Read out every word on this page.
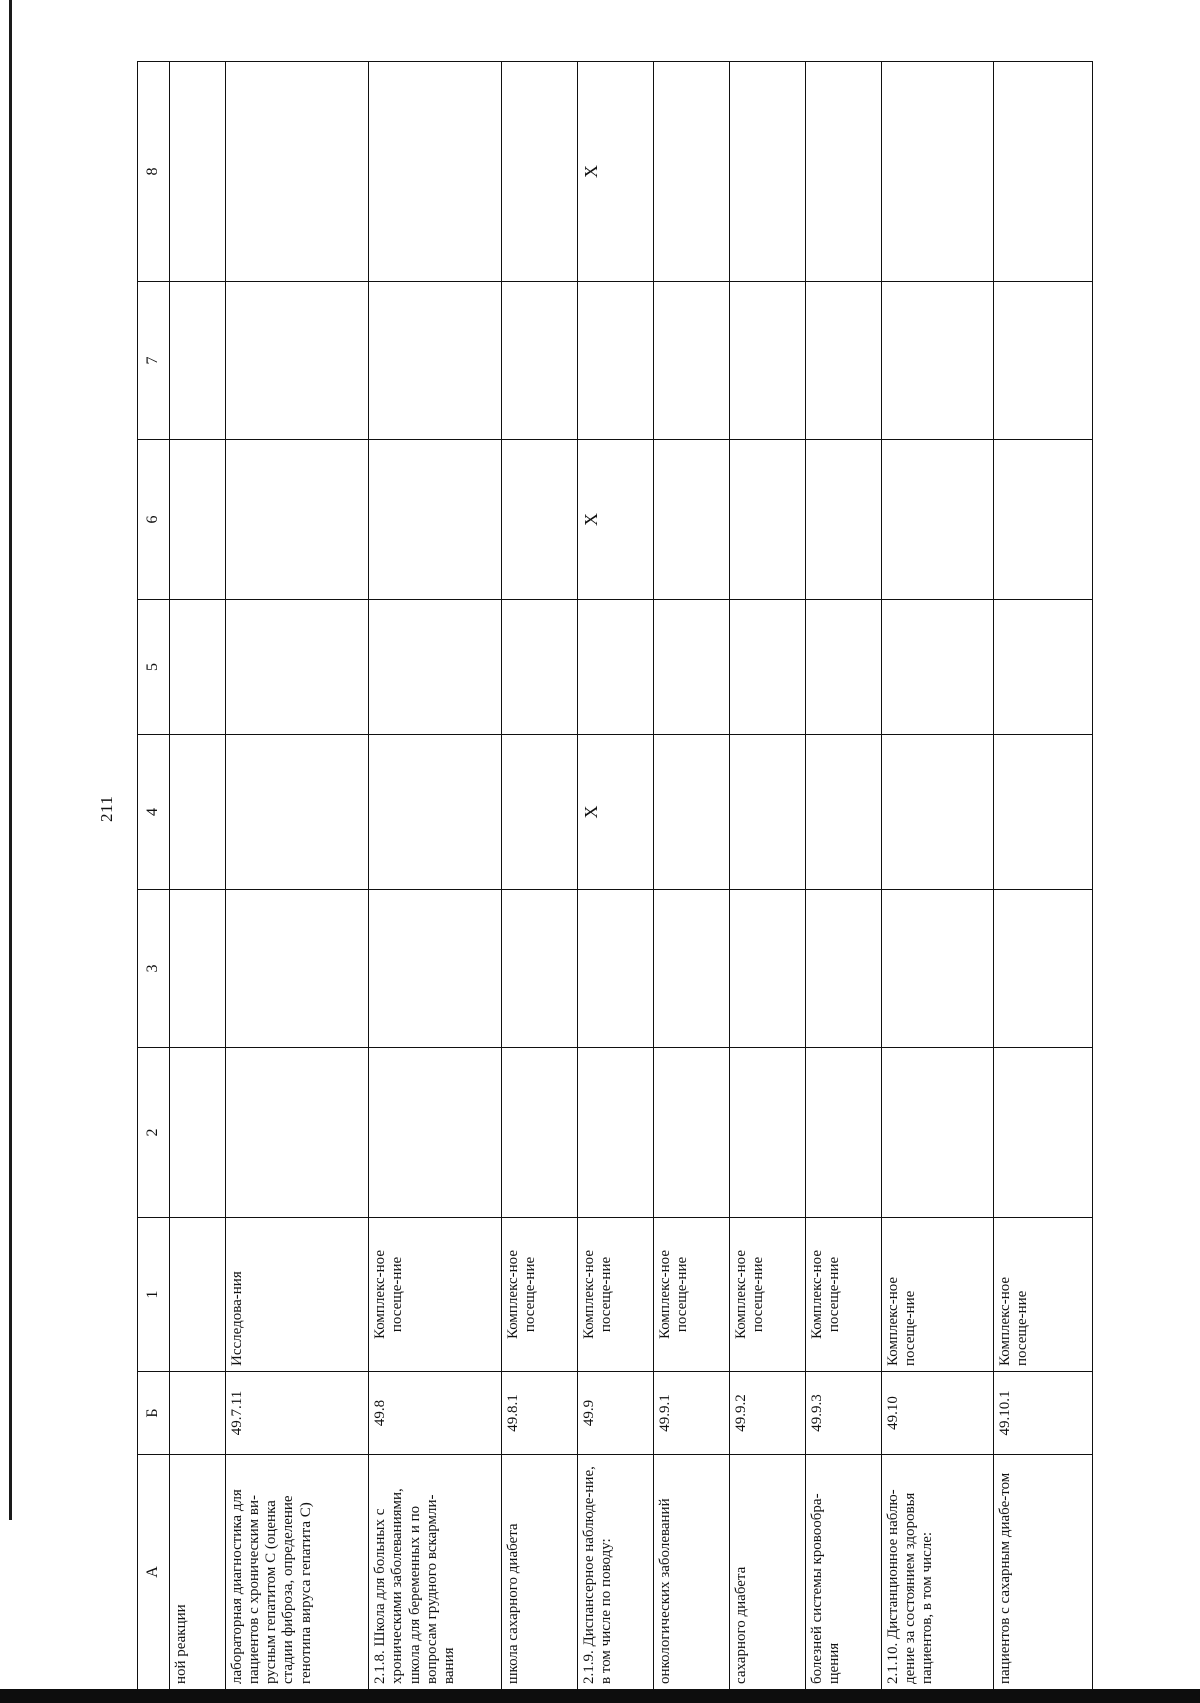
211
А	Б	1	2	3	4	5	6	7	8
ной реакции									
лабораторная диагностика для пациентов с хроническим ви-русным гепатитом С (оценка стадии фиброза, определение генотипа вируса гепатита С)	49.7.11	Исследова-ния							
2.1.8. Школа для больных с хроническими заболеваниями, школа для беременных и по вопросам грудного вскармли-вания	49.8	Комплекс-ное посеще-ние							
школа сахарного диабета	49.8.1	Комплекс-ное посеще-ние							
2.1.9. Диспансерное наблюде-ние, в том числе по поводу:	49.9	Комплекс-ное посеще-ние			X		X		X
онкологических заболеваний	49.9.1	Комплекс-ное посеще-ние							
сахарного диабета	49.9.2	Комплекс-ное посеще-ние							
болезней системы кровообра-щения	49.9.3	Комплекс-ное посеще-ние							
2.1.10. Дистанционное наблю-дение за состоянием здоровья пациентов, в том числе:	49.10	Комплекс-ное посеще-ние							
пациентов с сахарным диабе-том	49.10.1	Комплекс-ное посеще-ние							
